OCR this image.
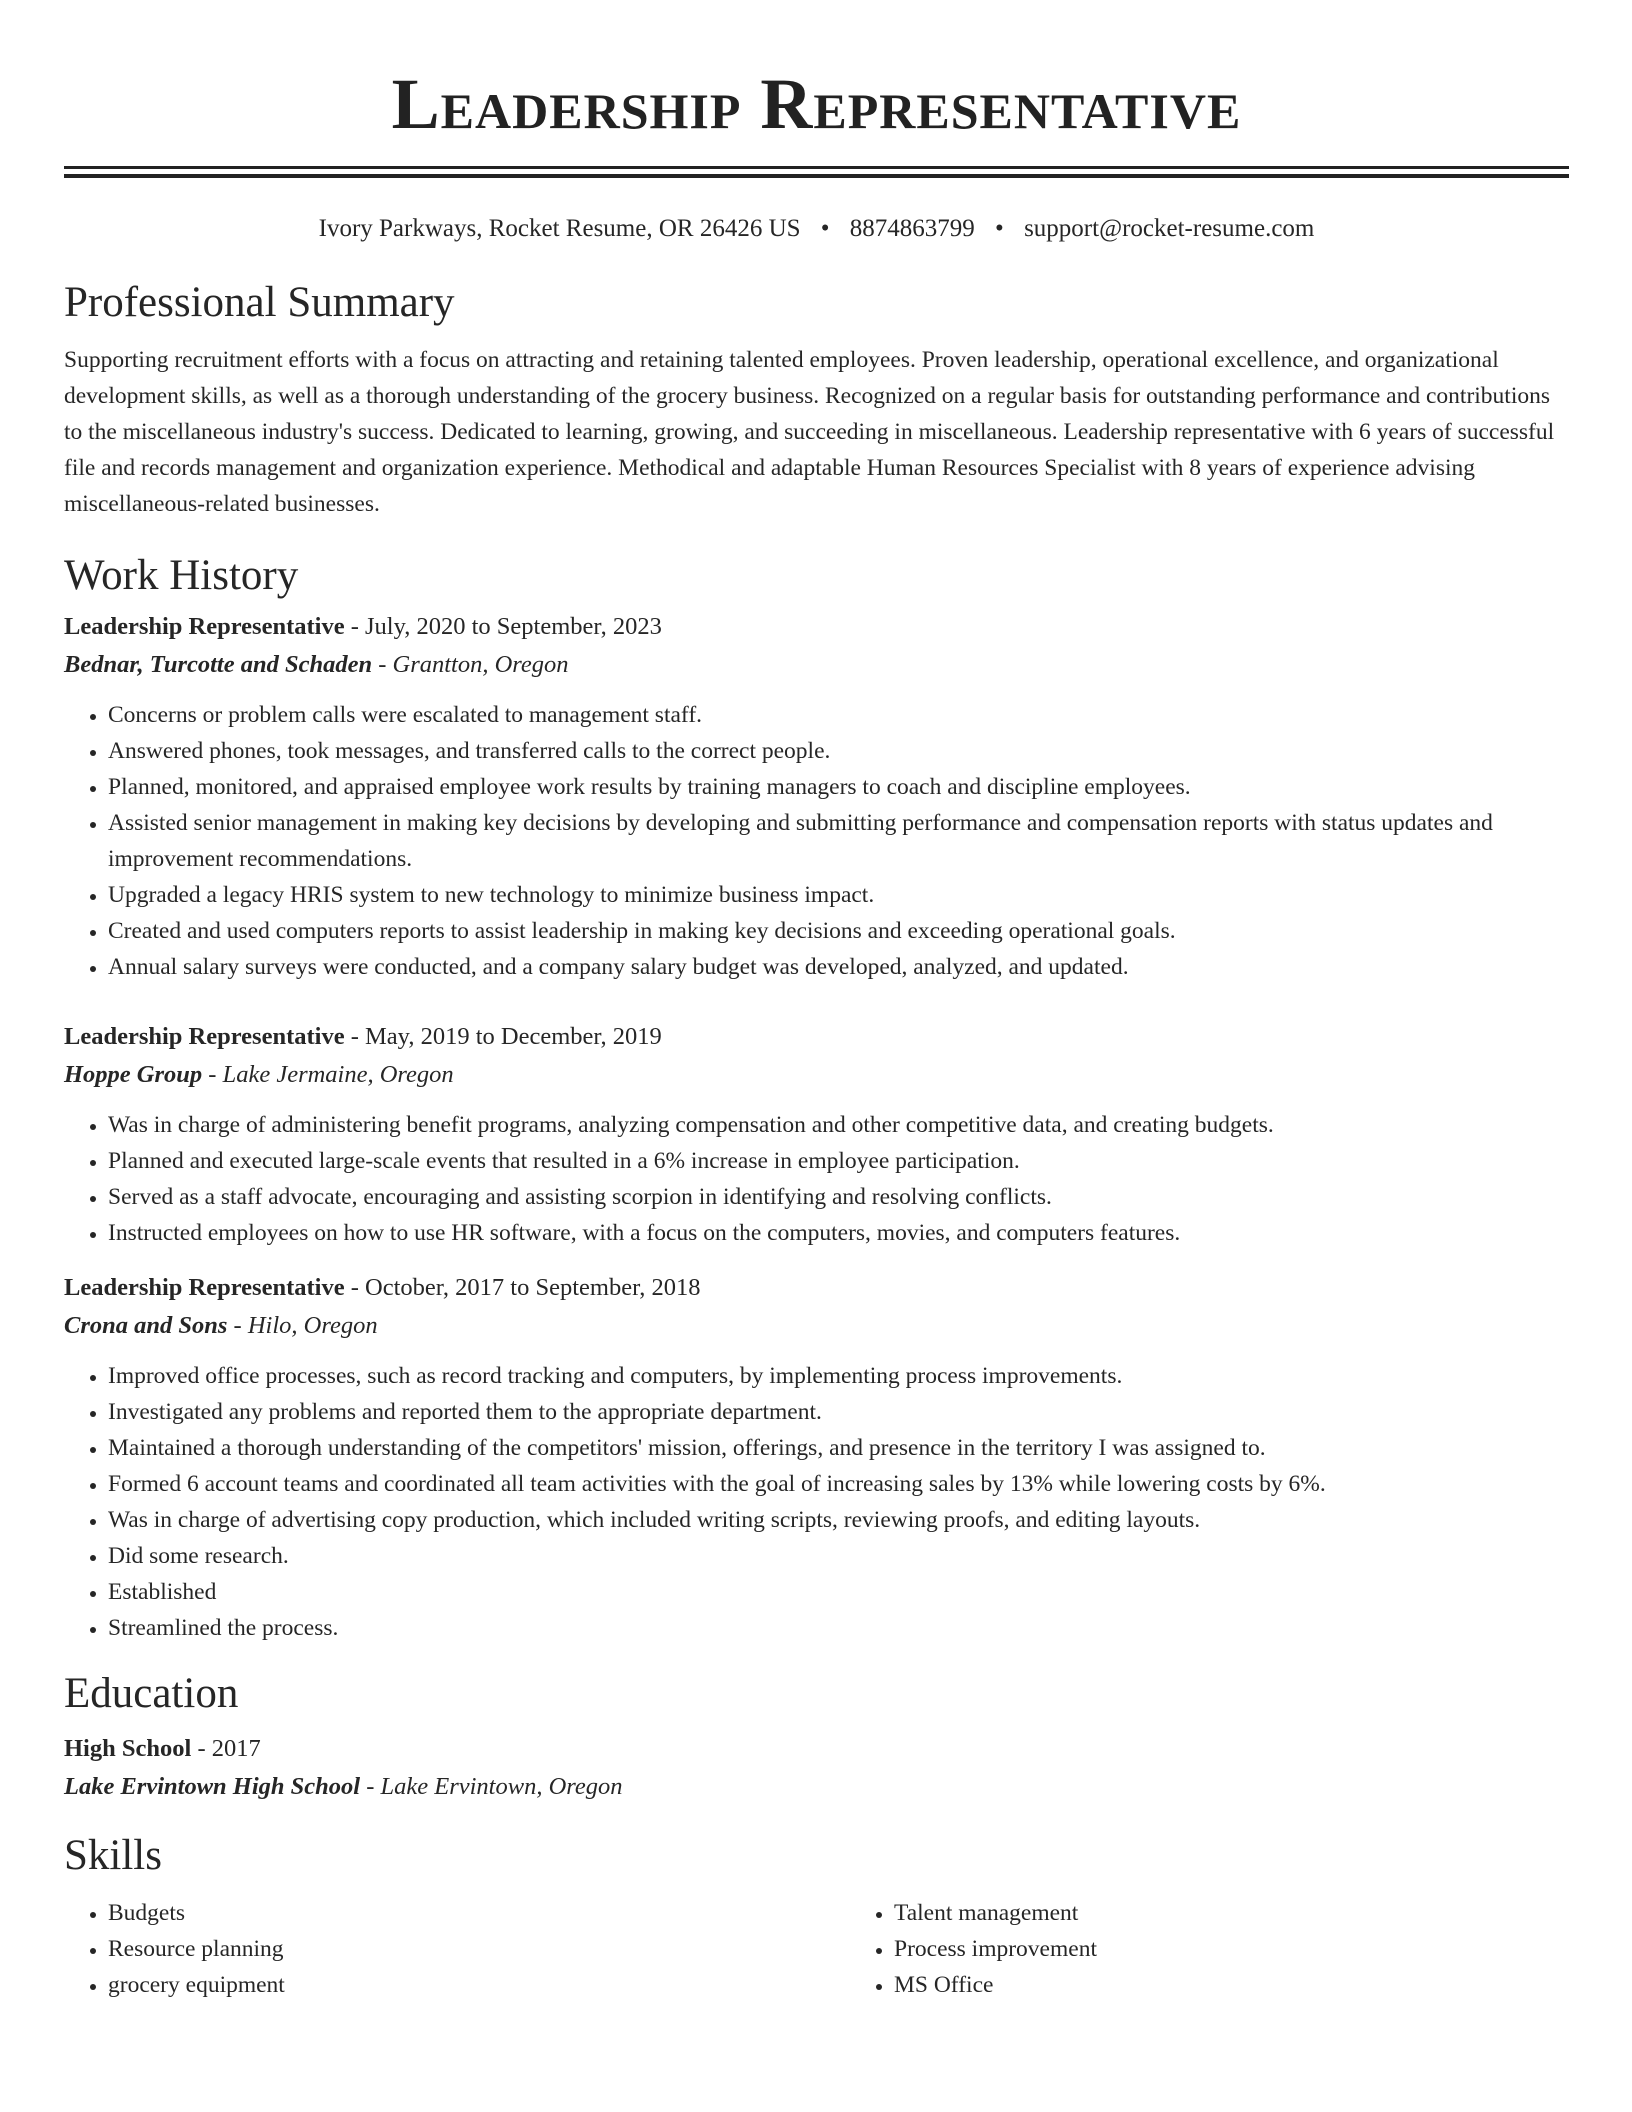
Leadership Representative
Ivory Parkways, Rocket Resume, OR 26426 US • 8874863799 • support@rocket-resume.com
Professional Summary
Supporting recruitment efforts with a focus on attracting and retaining talented employees. Proven leadership, operational excellence, and organizational development skills, as well as a thorough understanding of the grocery business. Recognized on a regular basis for outstanding performance and contributions to the miscellaneous industry's success. Dedicated to learning, growing, and succeeding in miscellaneous. Leadership representative with 6 years of successful file and records management and organization experience. Methodical and adaptable Human Resources Specialist with 8 years of experience advising miscellaneous-related businesses.
Work History
Leadership Representative - July, 2020 to September, 2023
Bednar, Turcotte and Schaden - Grantton, Oregon
• Concerns or problem calls were escalated to management staff.
• Answered phones, took messages, and transferred calls to the correct people.
• Planned, monitored, and appraised employee work results by training managers to coach and discipline employees.
• Assisted senior management in making key decisions by developing and submitting performance and compensation reports with status updates and improvement recommendations.
• Upgraded a legacy HRIS system to new technology to minimize business impact.
• Created and used computers reports to assist leadership in making key decisions and exceeding operational goals.
• Annual salary surveys were conducted, and a company salary budget was developed, analyzed, and updated.
Leadership Representative - May, 2019 to December, 2019
Hoppe Group - Lake Jermaine, Oregon
• Was in charge of administering benefit programs, analyzing compensation and other competitive data, and creating budgets.
• Planned and executed large-scale events that resulted in a 6% increase in employee participation.
• Served as a staff advocate, encouraging and assisting scorpion in identifying and resolving conflicts.
• Instructed employees on how to use HR software, with a focus on the computers, movies, and computers features.
Leadership Representative - October, 2017 to September, 2018
Crona and Sons - Hilo, Oregon
• Improved office processes, such as record tracking and computers, by implementing process improvements.
• Investigated any problems and reported them to the appropriate department.
• Maintained a thorough understanding of the competitors' mission, offerings, and presence in the territory I was assigned to.
• Formed 6 account teams and coordinated all team activities with the goal of increasing sales by 13% while lowering costs by 6%.
• Was in charge of advertising copy production, which included writing scripts, reviewing proofs, and editing layouts.
• Did some research.
• Established
• Streamlined the process.
Education
High School - 2017
Lake Ervintown High School - Lake Ervintown, Oregon
Skills
• Budgets
• Resource planning
• grocery equipment
• Talent management
• Process improvement
• MS Office
